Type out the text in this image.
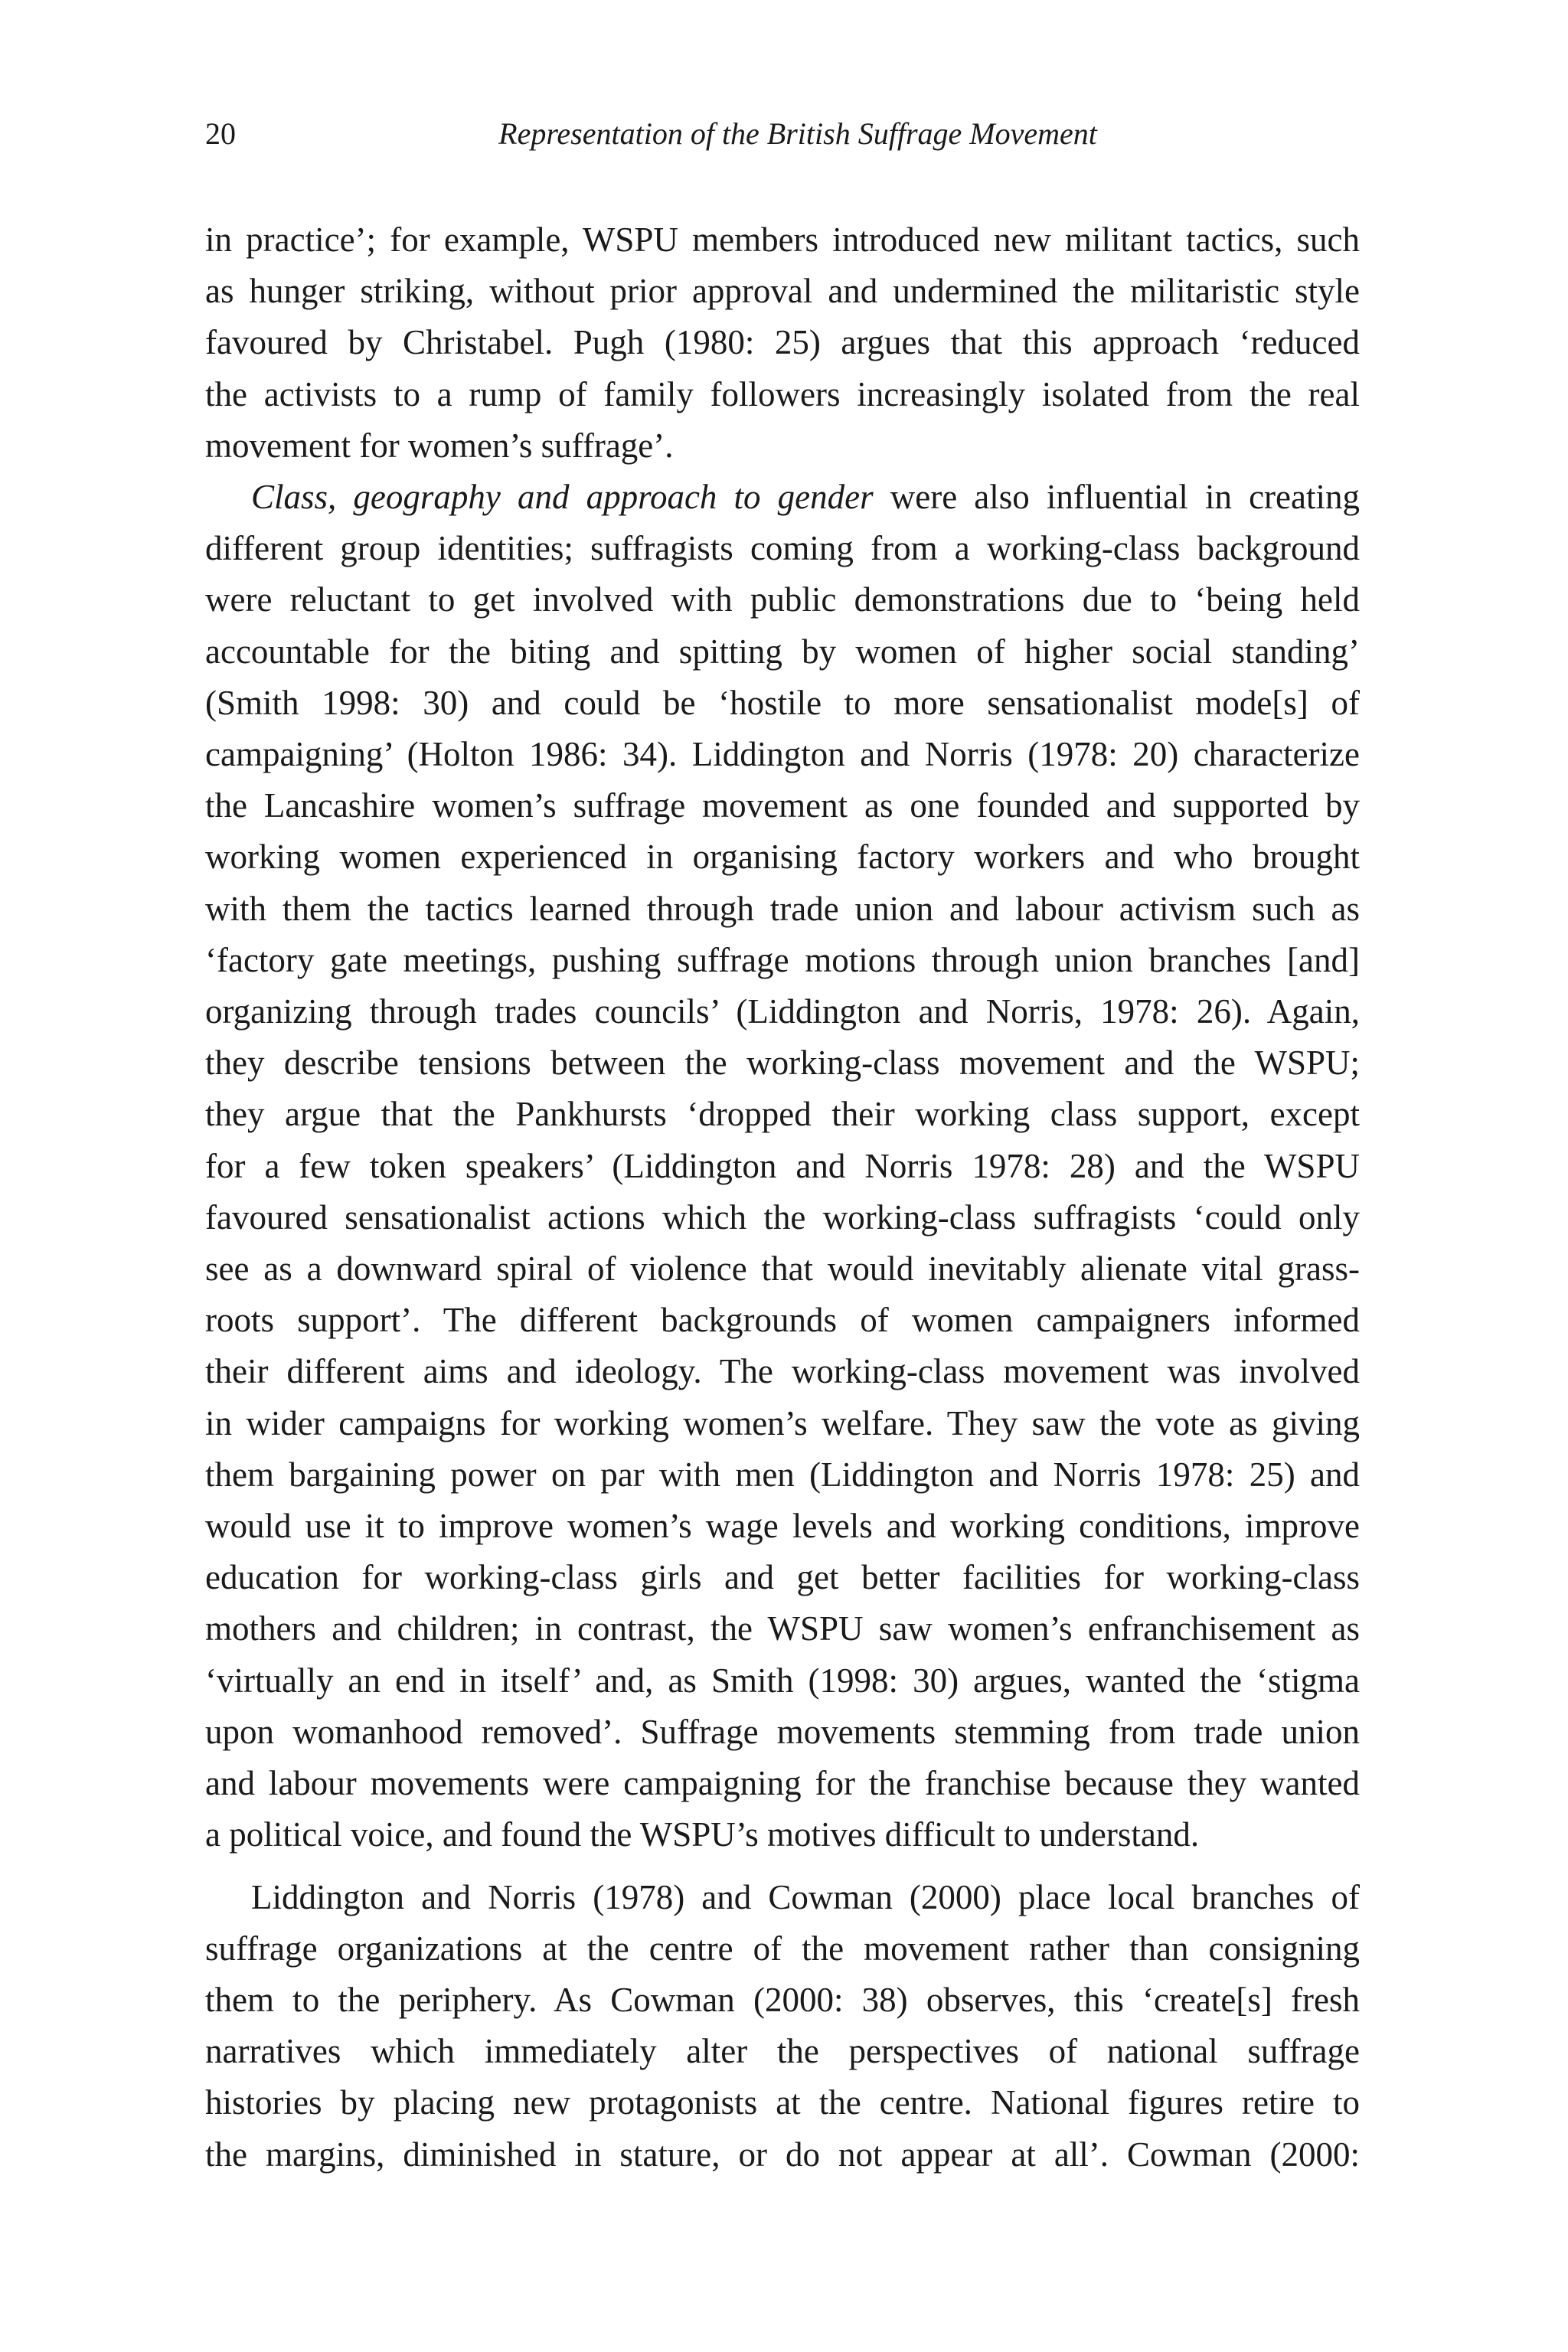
20	Representation of the British Suffrage Movement

in practice’; for example, WSPU members introduced new militant tactics, such
as hunger striking, without prior approval and undermined the militaristic style
favoured by Christabel. Pugh (1980: 25) argues that this approach ‘reduced
the activists to a rump of family followers increasingly isolated from the real
movement for women’s suffrage’.

Class, geography and approach to gender were also influential in creating
different group identities; suffragists coming from a working-class background
were reluctant to get involved with public demonstrations due to ‘being held
accountable for the biting and spitting by women of higher social standing’
(Smith 1998: 30) and could be ‘hostile to more sensationalist mode[s] of
campaigning’ (Holton 1986: 34). Liddington and Norris (1978: 20) characterize
the Lancashire women’s suffrage movement as one founded and supported by
working women experienced in organising factory workers and who brought
with them the tactics learned through trade union and labour activism such as
‘factory gate meetings, pushing suffrage motions through union branches [and]
organizing through trades councils’ (Liddington and Norris, 1978: 26). Again,
they describe tensions between the working-class movement and the WSPU;
they argue that the Pankhursts ‘dropped their working class support, except
for a few token speakers’ (Liddington and Norris 1978: 28) and the WSPU
favoured sensationalist actions which the working-class suffragists ‘could only
see as a downward spiral of violence that would inevitably alienate vital grass-
roots support’. The different backgrounds of women campaigners informed
their different aims and ideology. The working-class movement was involved
in wider campaigns for working women’s welfare. They saw the vote as giving
them bargaining power on par with men (Liddington and Norris 1978: 25) and
would use it to improve women’s wage levels and working conditions, improve
education for working-class girls and get better facilities for working-class
mothers and children; in contrast, the WSPU saw women’s enfranchisement as
‘virtually an end in itself’ and, as Smith (1998: 30) argues, wanted the ‘stigma
upon womanhood removed’. Suffrage movements stemming from trade union
and labour movements were campaigning for the franchise because they wanted
a political voice, and found the WSPU’s motives difficult to understand.

Liddington and Norris (1978) and Cowman (2000) place local branches of
suffrage organizations at the centre of the movement rather than consigning
them to the periphery. As Cowman (2000: 38) observes, this ‘create[s] fresh
narratives which immediately alter the perspectives of national suffrage
histories by placing new protagonists at the centre. National figures retire to
the margins, diminished in stature, or do not appear at all’. Cowman (2000:
